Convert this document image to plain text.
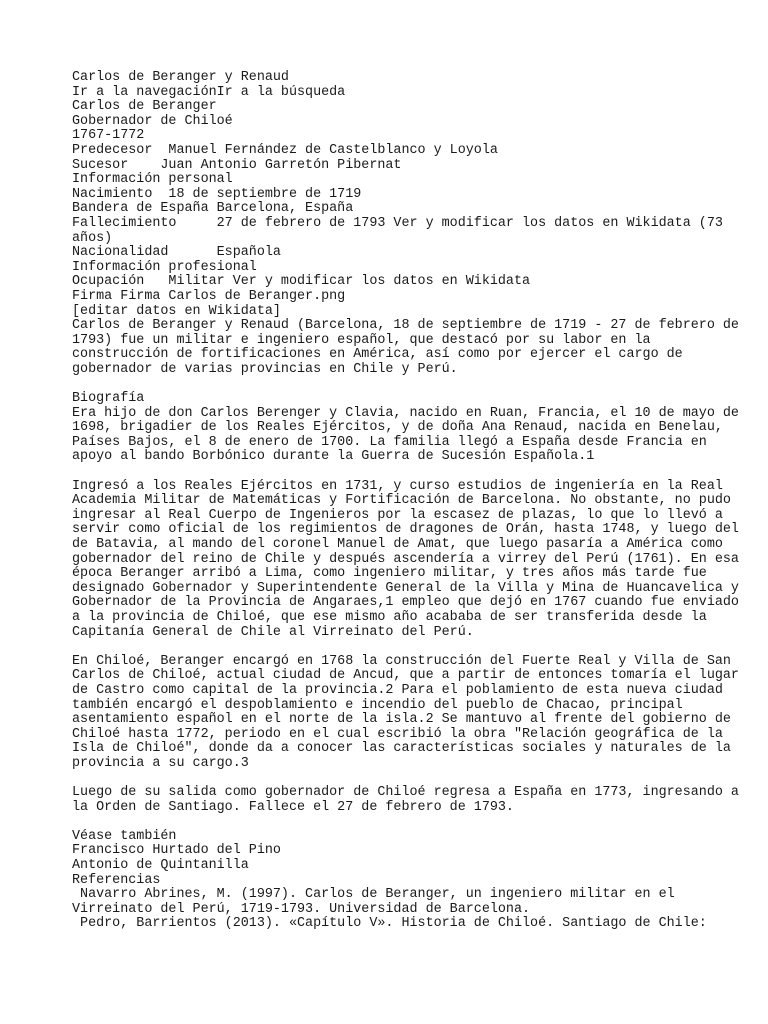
Carlos de Beranger y Renaud
Ir a la navegaciónIr a la búsqueda
Carlos de Beranger
Gobernador de Chiloé
1767-1772
Predecesor  Manuel Fernández de Castelblanco y Loyola
Sucesor    Juan Antonio Garretón Pibernat
Información personal
Nacimiento  18 de septiembre de 1719
Bandera de España Barcelona, España
Fallecimiento     27 de febrero de 1793 Ver y modificar los datos en Wikidata (73
años)
Nacionalidad      Española
Información profesional
Ocupación   Militar Ver y modificar los datos en Wikidata
Firma Firma Carlos de Beranger.png
[editar datos en Wikidata]
Carlos de Beranger y Renaud (Barcelona, 18 de septiembre de 1719 - 27 de febrero de
1793) fue un militar e ingeniero español, que destacó por su labor en la
construcción de fortificaciones en América, así como por ejercer el cargo de
gobernador de varias provincias en Chile y Perú.
Biografía
Era hijo de don Carlos Berenger y Clavia, nacido en Ruan, Francia, el 10 de mayo de
1698, brigadier de los Reales Ejércitos, y de doña Ana Renaud, nacida en Benelau,
Países Bajos, el 8 de enero de 1700. La familia llegó a España desde Francia en
apoyo al bando Borbónico durante la Guerra de Sucesión Española.1
Ingresó a los Reales Ejércitos en 1731, y curso estudios de ingeniería en la Real
Academia Militar de Matemáticas y Fortificación de Barcelona. No obstante, no pudo
ingresar al Real Cuerpo de Ingenieros por la escasez de plazas, lo que lo llevó a
servir como oficial de los regimientos de dragones de Orán, hasta 1748, y luego del
de Batavia, al mando del coronel Manuel de Amat, que luego pasaría a América como
gobernador del reino de Chile y después ascendería a virrey del Perú (1761). En esa
época Beranger arribó a Lima, como ingeniero militar, y tres años más tarde fue
designado Gobernador y Superintendente General de la Villa y Mina de Huancavelica y
Gobernador de la Provincia de Angaraes,1 empleo que dejó en 1767 cuando fue enviado
a la provincia de Chiloé, que ese mismo año acababa de ser transferida desde la
Capitanía General de Chile al Virreinato del Perú.
En Chiloé, Beranger encargó en 1768 la construcción del Fuerte Real y Villa de San
Carlos de Chiloé, actual ciudad de Ancud, que a partir de entonces tomaría el lugar
de Castro como capital de la provincia.2 Para el poblamiento de esta nueva ciudad
también encargó el despoblamiento e incendio del pueblo de Chacao, principal
asentamiento español en el norte de la isla.2 Se mantuvo al frente del gobierno de
Chiloé hasta 1772, periodo en el cual escribió la obra "Relación geográfica de la
Isla de Chiloé", donde da a conocer las características sociales y naturales de la
provincia a su cargo.3
Luego de su salida como gobernador de Chiloé regresa a España en 1773, ingresando a
la Orden de Santiago. Fallece el 27 de febrero de 1793.
Véase también
Francisco Hurtado del Pino
Antonio de Quintanilla
Referencias
Navarro Abrines, M. (1997). Carlos de Beranger, un ingeniero militar en el
Virreinato del Perú, 1719-1793. Universidad de Barcelona.
Pedro, Barrientos (2013). «Capítulo V». Historia de Chiloé. Santiago de Chile:
